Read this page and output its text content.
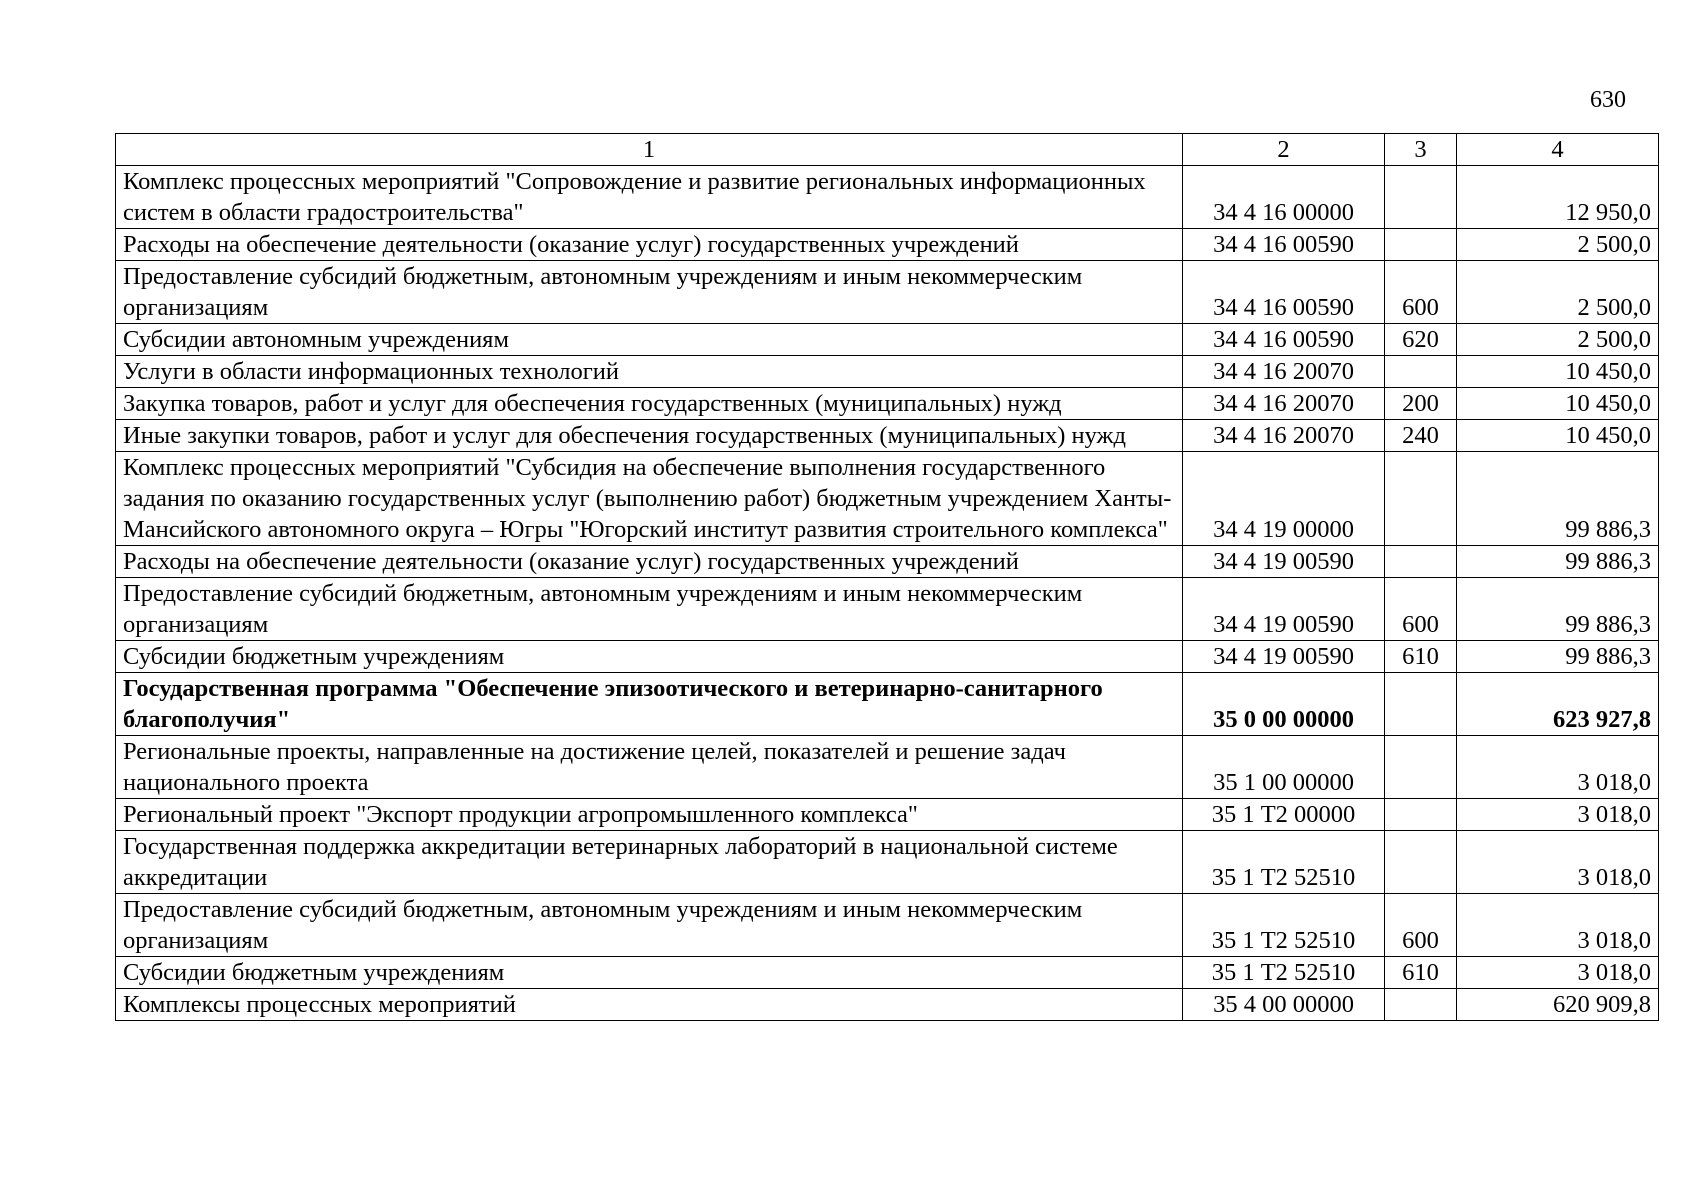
630
1	2	3	4
Комплекс процессных мероприятий "Сопровождение и развитие региональных информационных систем в области градостроительства"	34 4 16 00000		12 950,0
Расходы на обеспечение деятельности (оказание услуг) государственных учреждений	34 4 16 00590		2 500,0
Предоставление субсидий бюджетным, автономным учреждениям и иным некоммерческим организациям	34 4 16 00590	600	2 500,0
Субсидии автономным учреждениям	34 4 16 00590	620	2 500,0
Услуги в области информационных технологий	34 4 16 20070		10 450,0
Закупка товаров, работ и услуг для обеспечения государственных (муниципальных) нужд	34 4 16 20070	200	10 450,0
Иные закупки товаров, работ и услуг для обеспечения государственных (муниципальных) нужд	34 4 16 20070	240	10 450,0
Комплекс процессных мероприятий "Субсидия на обеспечение выполнения государственного задания по оказанию государственных услуг (выполнению работ) бюджетным учреждением Ханты-Мансийского автономного округа – Югры "Югорский институт развития строительного комплекса"	34 4 19 00000		99 886,3
Расходы на обеспечение деятельности (оказание услуг) государственных учреждений	34 4 19 00590		99 886,3
Предоставление субсидий бюджетным, автономным учреждениям и иным некоммерческим организациям	34 4 19 00590	600	99 886,3
Субсидии бюджетным учреждениям	34 4 19 00590	610	99 886,3
Государственная программа "Обеспечение эпизоотического и ветеринарно-санитарного благополучия"	35 0 00 00000		623 927,8
Региональные проекты, направленные на достижение целей, показателей и решение задач национального проекта	35 1 00 00000		3 018,0
Региональный проект "Экспорт продукции агропромышленного комплекса"	35 1 Т2 00000		3 018,0
Государственная поддержка аккредитации ветеринарных лабораторий в национальной системе аккредитации	35 1 Т2 52510		3 018,0
Предоставление субсидий бюджетным, автономным учреждениям и иным некоммерческим организациям	35 1 Т2 52510	600	3 018,0
Субсидии бюджетным учреждениям	35 1 Т2 52510	610	3 018,0
Комплексы процессных мероприятий	35 4 00 00000		620 909,8
